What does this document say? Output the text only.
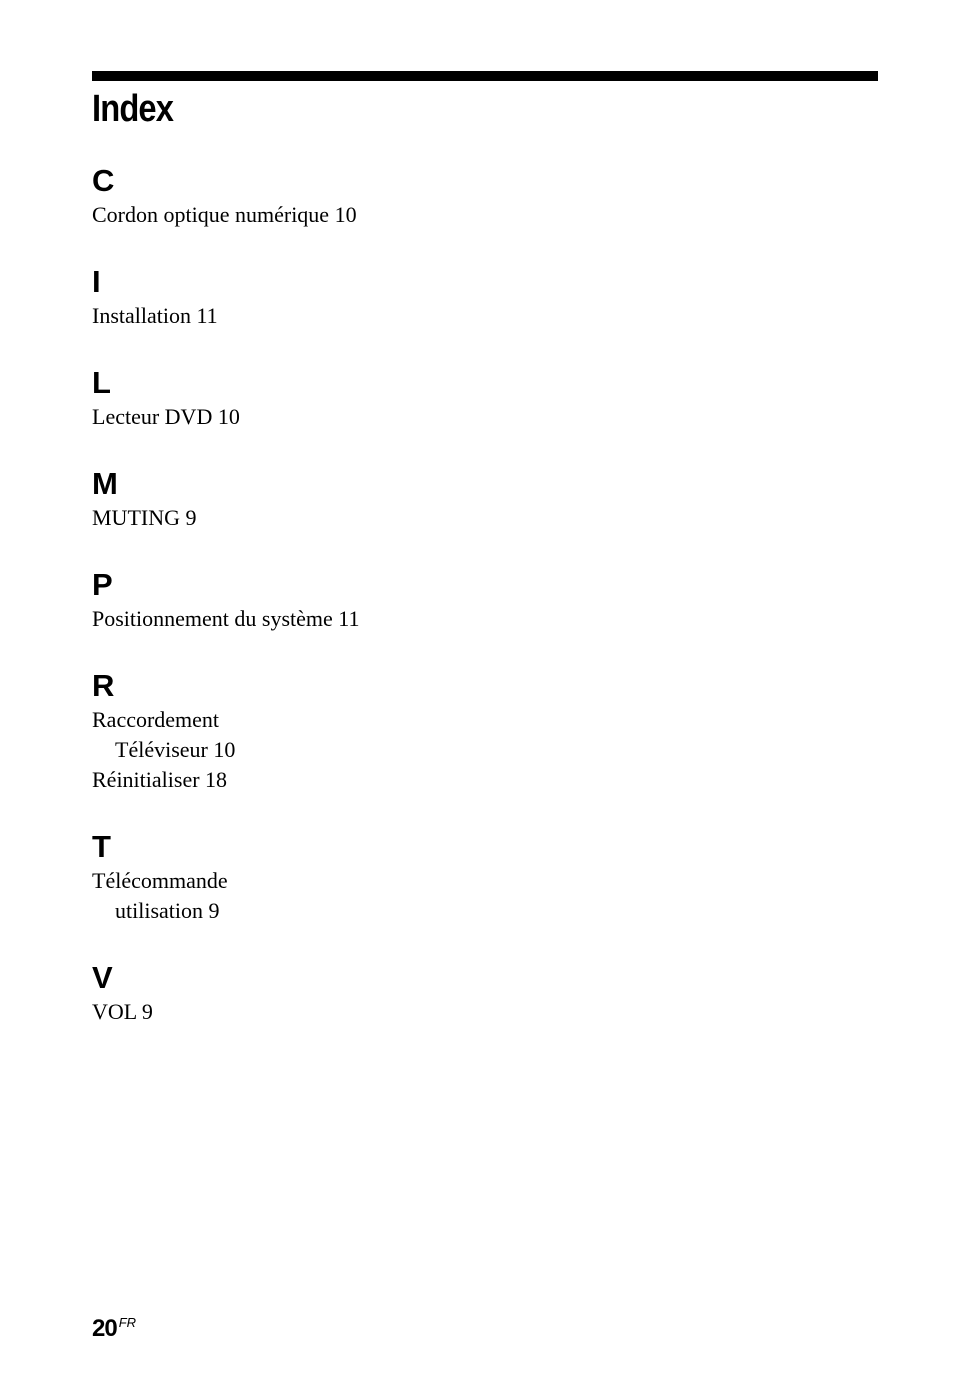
Index
C
Cordon optique numérique 10
I
Installation 11
L
Lecteur DVD 10
M
MUTING 9
P
Positionnement du système 11
R
Raccordement
Téléviseur 10
Réinitialiser 18
T
Télécommande
utilisation 9
V
VOL 9
20 $^{FR}$
